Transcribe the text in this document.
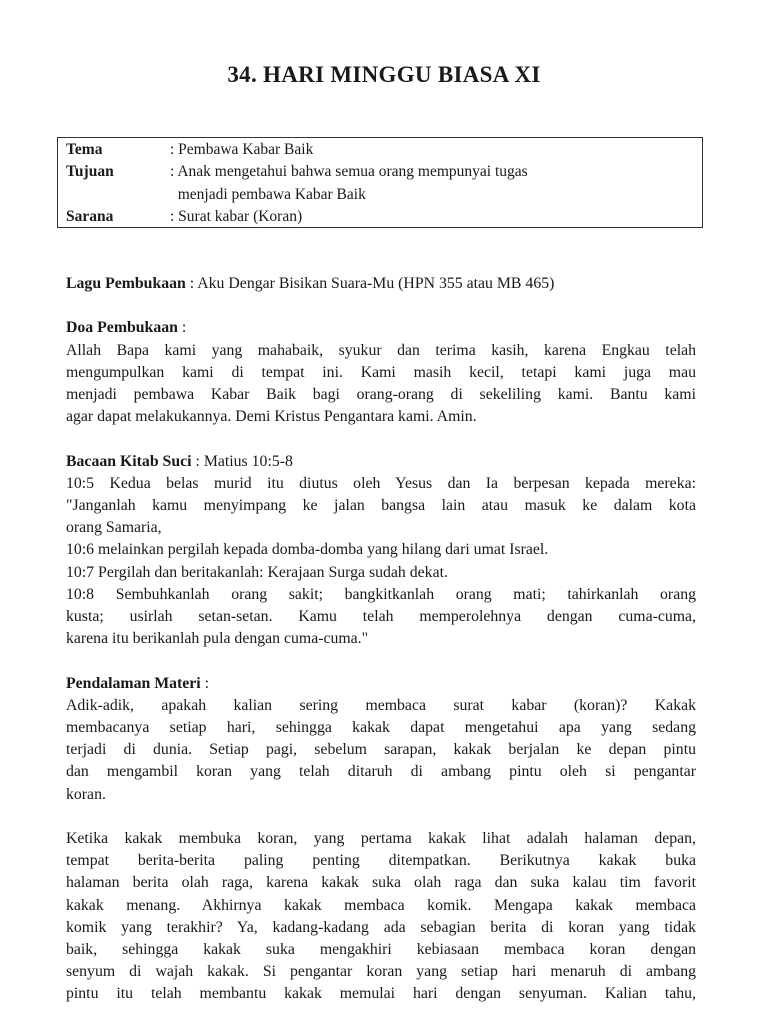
34. HARI MINGGU BIASA XI
Tema	: Pembawa Kabar Baik
Tujuan	: Anak mengetahui bahwa semua orang mempunyai tugas
menjadi pembawa Kabar Baik
Sarana	: Surat kabar (Koran)

Lagu Pembukaan : Aku Dengar Bisikan Suara-Mu (HPN 355 atau MB 465)

Doa Pembukaan :

Allah Bapa kami yang mahabaik, syukur dan terima kasih, karena Engkau telah

mengumpulkan kami di tempat ini. Kami masih kecil, tetapi kami juga mau

menjadi pembawa Kabar Baik bagi orang-orang di sekeliling kami. Bantu kami

agar dapat melakukannya. Demi Kristus Pengantara kami. Amin.

Bacaan Kitab Suci : Matius 10:5-8

10:5 Kedua belas murid itu diutus oleh Yesus dan Ia berpesan kepada mereka:

"Janganlah kamu menyimpang ke jalan bangsa lain atau masuk ke dalam kota

orang Samaria,

10:6 melainkan pergilah kepada domba-domba yang hilang dari umat Israel.

10:7 Pergilah dan beritakanlah: Kerajaan Surga sudah dekat.

10:8 Sembuhkanlah orang sakit; bangkitkanlah orang mati; tahirkanlah orang

kusta; usirlah setan-setan. Kamu telah memperolehnya dengan cuma-cuma,

karena itu berikanlah pula dengan cuma-cuma."

Pendalaman Materi :

Adik-adik, apakah kalian sering membaca surat kabar (koran)? Kakak

membacanya setiap hari, sehingga kakak dapat mengetahui apa yang sedang

terjadi di dunia. Setiap pagi, sebelum sarapan, kakak berjalan ke depan pintu

dan mengambil koran yang telah ditaruh di ambang pintu oleh si pengantar

koran.

Ketika kakak membuka koran, yang pertama kakak lihat adalah halaman depan,

tempat berita-berita paling penting ditempatkan. Berikutnya kakak buka

halaman berita olah raga, karena kakak suka olah raga dan suka kalau tim favorit

kakak menang. Akhirnya kakak membaca komik. Mengapa kakak membaca

komik yang terakhir? Ya, kadang-kadang ada sebagian berita di koran yang tidak

baik, sehingga kakak suka mengakhiri kebiasaan membaca koran dengan

senyum di wajah kakak. Si pengantar koran yang setiap hari menaruh di ambang

pintu itu telah membantu kakak memulai hari dengan senyuman. Kalian tahu,
